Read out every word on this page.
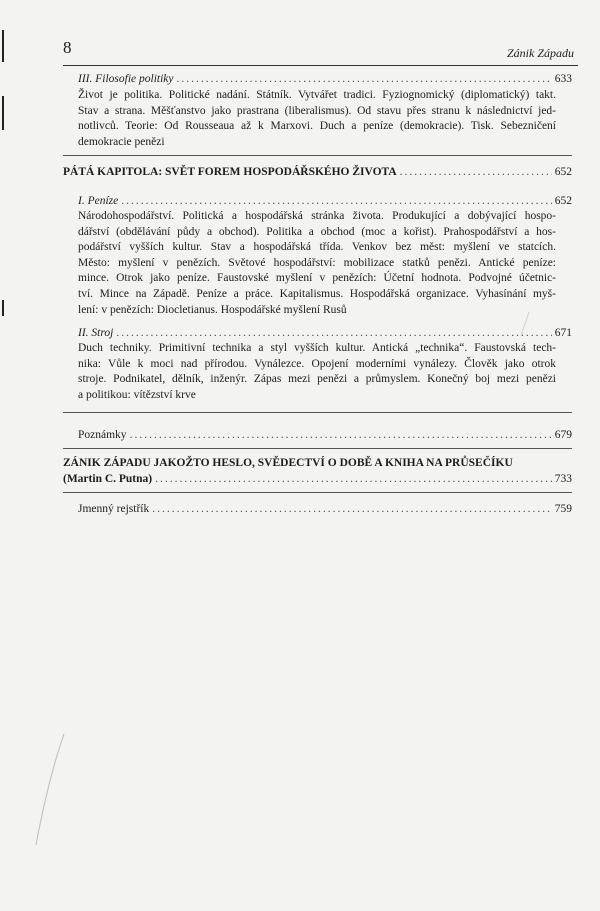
8	Zánik Západu
III. Filosofie politiky .....	633
Život je politika. Politické nadání. Státník. Vytvářet tradici. Fyziognomický (diplomatický) takt.
Stav a strana. Měšťanstvo jako prastrana (liberalismus). Od stavu přes stranu k následnictví jed-
notlivců. Teorie: Od Rousseaua až k Marxovi. Duch a peníze (demokracie). Tisk. Sebezničení
demokracie penězi
PÁTÁ KAPITOLA: SVĚT FOREM HOSPODÁŘSKÉHO ŽIVOTA .....	652
I. Peníze .....	652
Národohospodářství. Politická a hospodářská stránka života. Produkující a dobývající hospo-
dářství (obdělávání půdy a obchod). Politika a obchod (moc a kořist). Prahospodářství a hos-
podářství vyšších kultur. Stav a hospodářská třída. Venkov bez měst: myšlení ve statcích.
Město: myšlení v penězích. Světové hospodářství: mobilizace statků penězi. Antické peníze:
mince. Otrok jako peníze. Faustovské myšlení v penězích: Účetní hodnota. Podvojné účetnic-
tví. Mince na Západě. Peníze a práce. Kapitalismus. Hospodářská organizace. Vyhasínání myš-
lení: v penězích: Diocletianus. Hospodářské myšlení Rusů
II. Stroj .....	671
Duch techniky. Primitivní technika a styl vyšších kultur. Antická „technika“. Faustovská tech-
nika: Vůle k moci nad přírodou. Vynálezce. Opojení moderními vynálezy. Člověk jako otrok
stroje. Podnikatel, dělník, inženýr. Zápas mezi penězi a průmyslem. Konečný boj mezi penězi
a politikou: vítězství krve
Poznámky .....	679
ZÁNIK ZÁPADU JAKOŽTO HESLO, SVĚDECTVÍ O DOBĚ A KNIHA NA PRŮSEČÍKU
(Martin C. Putna) .....	733
Jmenný rejstřík .....	759
